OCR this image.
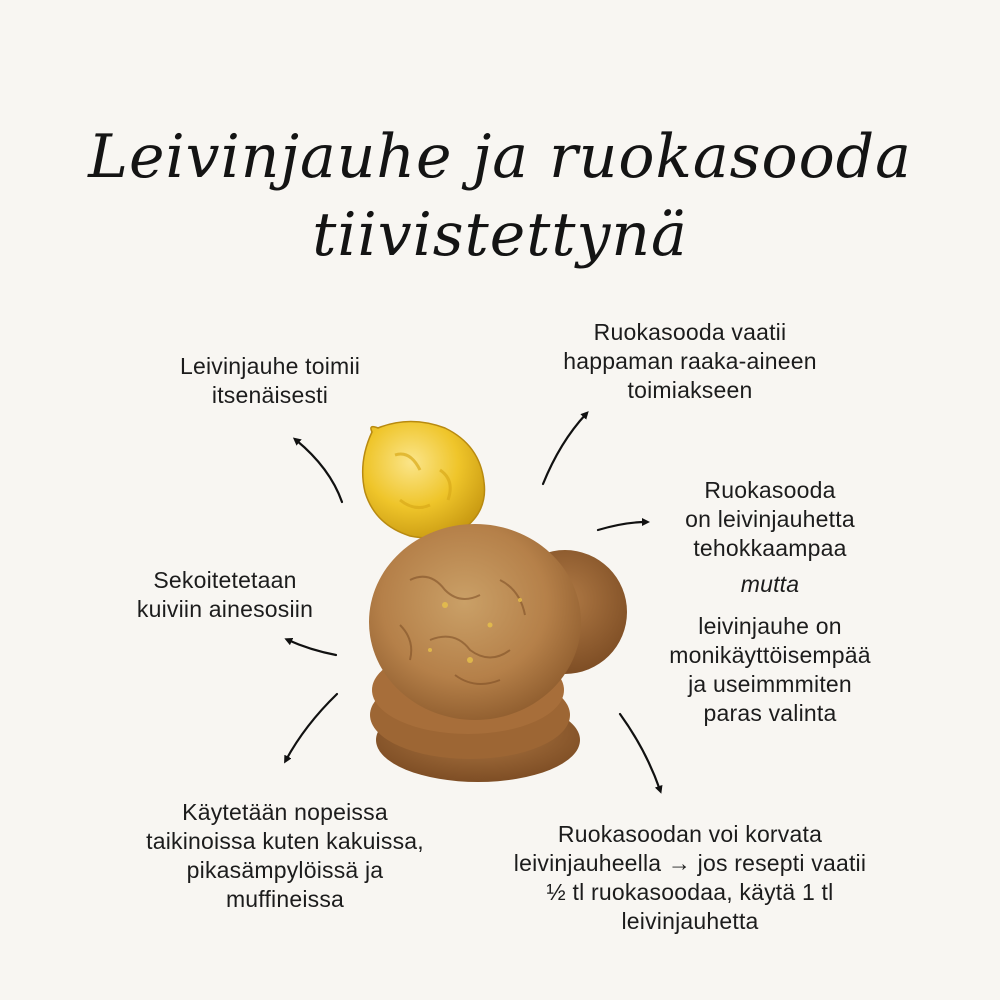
Leivinjauhe ja ruokasooda
tiivistettynä
Leivinjauhe toimii
itsenäisesti
Ruokasooda vaatii
happaman raaka-aineen
toimiakseen
Ruokasooda
on leivinjauhetta
tehokkaampaa
mutta
leivinjauhe on
monikäyttöisempää
ja useimmmiten
paras valinta
Sekoitetetaan
kuiviin ainesosiin
Käytetään nopeissa
taikinoissa kuten kakuissa,
pikasämpylöissä ja
muffineissa
Ruokasoodan voi korvata
leivinjauheella → jos resepti vaatii
½ tl ruokasoodaa, käytä 1 tl
leivinjauhetta
